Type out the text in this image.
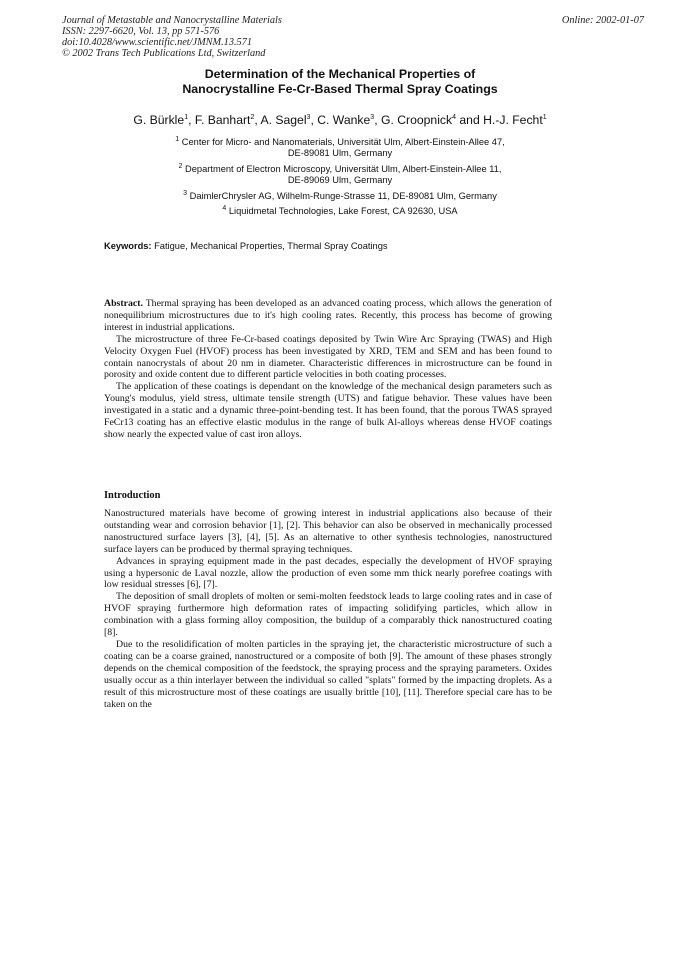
Journal of Metastable and Nanocrystalline Materials
ISSN: 2297-6620, Vol. 13, pp 571-576
doi:10.4028/www.scientific.net/JMNM.13.571
© 2002 Trans Tech Publications Ltd, Switzerland
Online: 2002-01-07
Determination of the Mechanical Properties of
Nanocrystalline Fe-Cr-Based Thermal Spray Coatings
G. Bürkle$^1$, F. Banhart$^2$, A. Sagel$^3$, C. Wanke$^3$, G. Croopnick$^4$ and H.-J. Fecht$^1$
$^1$ Center for Micro- and Nanomaterials, Universität Ulm, Albert-Einstein-Allee 47,
DE-89081 Ulm, Germany
$^2$ Department of Electron Microscopy, Universität Ulm, Albert-Einstein-Allee 11,
DE-89069 Ulm, Germany
$^3$ DaimlerChrysler AG, Wilhelm-Runge-Strasse 11, DE-89081 Ulm, Germany
$^4$ Liquidmetal Technologies, Lake Forest, CA 92630, USA
Keywords: Fatigue, Mechanical Properties, Thermal Spray Coatings

Abstract. Thermal spraying has been developed as an advanced coating process, which allows the generation of nonequilibrium microstructures due to it's high cooling rates. Recently, this process has become of growing interest in industrial applications.

The microstructure of three Fe-Cr-based coatings deposited by Twin Wire Arc Spraying (TWAS) and High Velocity Oxygen Fuel (HVOF) process has been investigated by XRD, TEM and SEM and has been found to contain nanocrystals of about 20 nm in diameter. Characteristic differences in microstructure can be found in porosity and oxide content due to different particle velocities in both coating processes.

The application of these coatings is dependant on the knowledge of the mechanical design parameters such as Young's modulus, yield stress, ultimate tensile strength (UTS) and fatigue behavior. These values have been investigated in a static and a dynamic three-point-bending test. It has been found, that the porous TWAS sprayed FeCr13 coating has an effective elastic modulus in the range of bulk Al-alloys whereas dense HVOF coatings show nearly the expected value of cast iron alloys.

Introduction

Nanostructured materials have become of growing interest in industrial applications also because of their outstanding wear and corrosion behavior [1], [2]. This behavior can also be observed in mechanically processed nanostructured surface layers [3], [4], [5]. As an alternative to other synthesis technologies, nanostructured surface layers can be produced by thermal spraying techniques.

Advances in spraying equipment made in the past decades, especially the development of HVOF spraying using a hypersonic de Laval nozzle, allow the production of even some mm thick nearly porefree coatings with low residual stresses [6], [7].

The deposition of small droplets of molten or semi-molten feedstock leads to large cooling rates and in case of HVOF spraying furthermore high deformation rates of impacting solidifying particles, which allow in combination with a glass forming alloy composition, the buildup of a comparably thick nanostructured coating [8].

Due to the resolidification of molten particles in the spraying jet, the characteristic microstructure of such a coating can be a coarse grained, nanostructured or a composite of both [9]. The amount of these phases strongly depends on the chemical composition of the feedstock, the spraying process and the spraying parameters. Oxides usually occur as a thin interlayer between the individual so called "splats" formed by the impacting droplets. As a result of this microstructure most of these coatings are usually brittle [10], [11]. Therefore special care has to be taken on the
